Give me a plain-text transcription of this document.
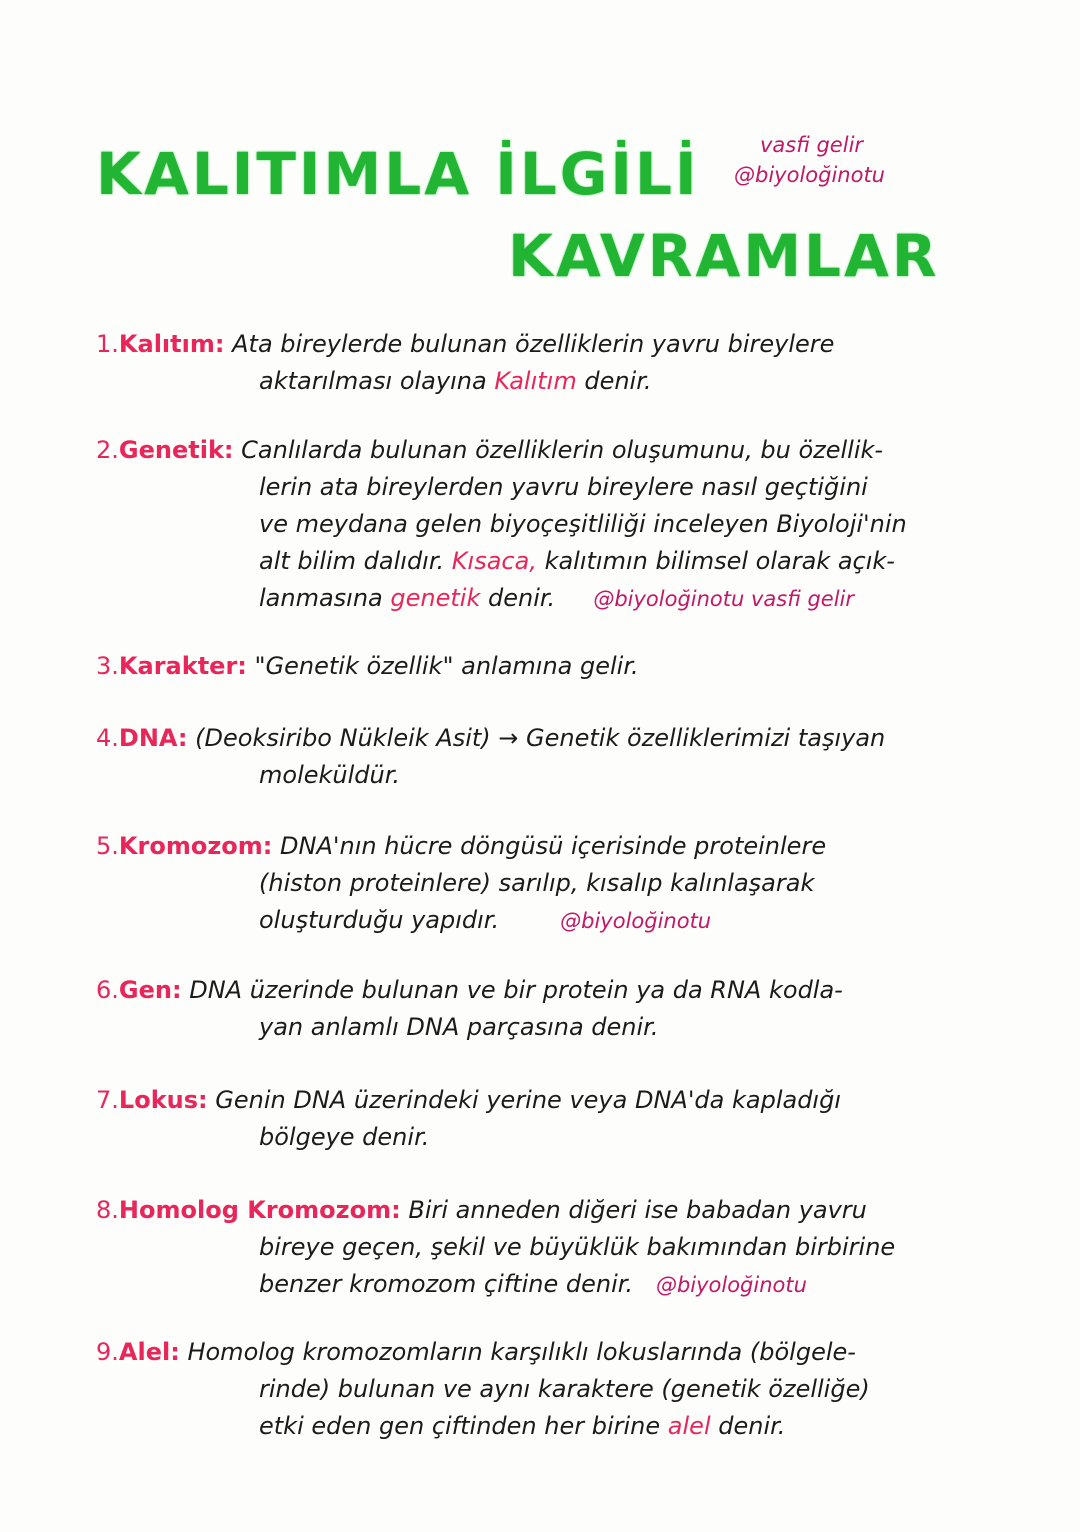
KALITIMLA İLGİLİ
KAVRAMLAR
vasfi gelir
@biyoloğinotu

1.Kalıtım: Ata bireylerde bulunan özelliklerin yavru bireylere

aktarılması olayına Kalıtım denir.

2.Genetik: Canlılarda bulunan özelliklerin oluşumunu, bu özellik-

lerin ata bireylerden yavru bireylere nasıl geçtiğini

ve meydana gelen biyoçeşitliliği inceleyen Biyoloji'nin

alt bilim dalıdır. Kısaca, kalıtımın bilimsel olarak açık-

lanmasına genetik denir. @biyoloğinotu vasfi gelir

3.Karakter: "Genetik özellik" anlamına gelir.

4.DNA: (Deoksiribo Nükleik Asit) → Genetik özelliklerimizi taşıyan

moleküldür.

5.Kromozom: DNA'nın hücre döngüsü içerisinde proteinlere

(histon proteinlere) sarılıp, kısalıp kalınlaşarak

oluşturduğu yapıdır.	@biyoloğinotu

6.Gen: DNA üzerinde bulunan ve bir protein ya da RNA kodla-

yan anlamlı DNA parçasına denir.

7.Lokus: Genin DNA üzerindeki yerine veya DNA'da kapladığı

bölgeye denir.

8.Homolog Kromozom: Biri anneden diğeri ise babadan yavru

bireye geçen, şekil ve büyüklük bakımından birbirine

benzer kromozom çiftine denir. @biyoloğinotu

9.Alel: Homolog kromozomların karşılıklı lokuslarında (bölgele-

rinde) bulunan ve aynı karaktere (genetik özelliğe)

etki eden gen çiftinden her birine alel denir.
